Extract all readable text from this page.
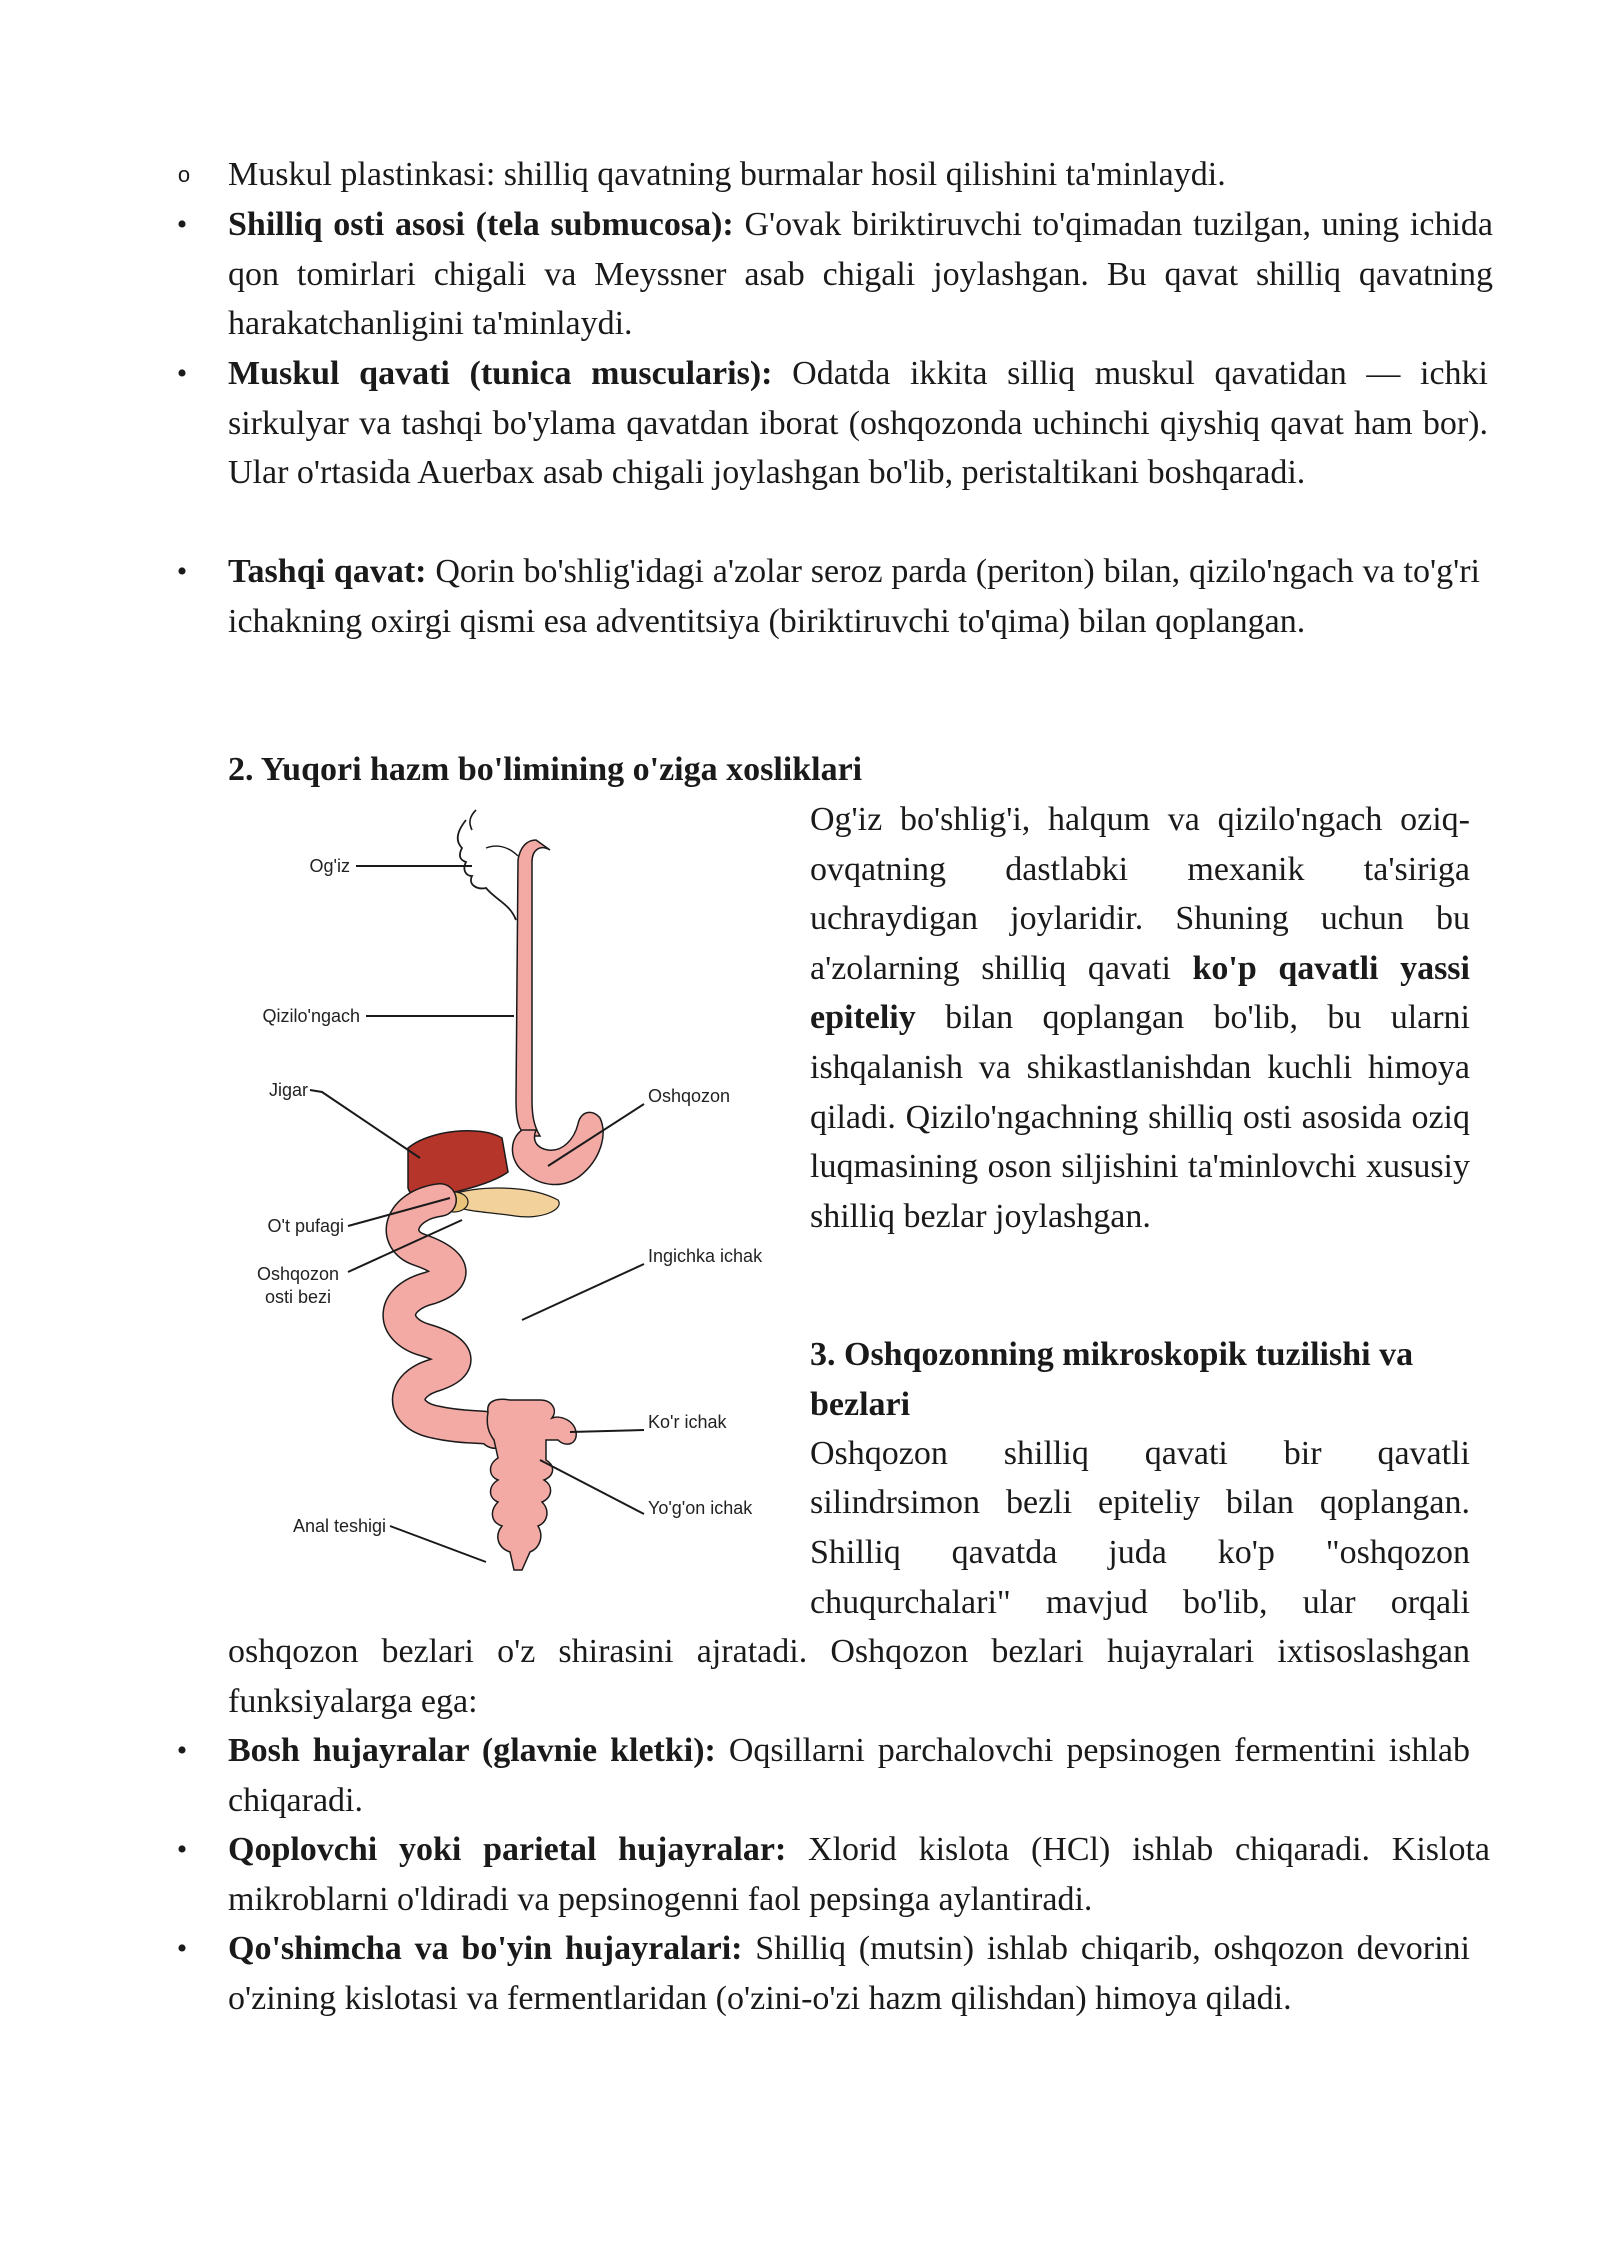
o Muskul plastinkasi: shilliq qavatning burmalar hosil qilishini ta'minlaydi.
• Shilliq osti asosi (tela submucosa): G'ovak biriktiruvchi to'qimadan tuzilgan, uning ichida qon tomirlari chigali va Meyssner asab chigali joylashgan. Bu qavat shilliq qavatning harakatchanligini ta'minlaydi.
• Muskul qavati (tunica muscularis): Odatda ikkita silliq muskul qavatidan — ichki sirkulyar va tashqi bo'ylama qavatdan iborat (oshqozonda uchinchi qiyshiq qavat ham bor). Ular o'rtasida Auerbax asab chigali joylashgan bo'lib, peristaltikani boshqaradi.
• Tashqi qavat: Qorin bo'shlig'idagi a'zolar seroz parda (periton) bilan, qizilo'ngach va to'g'ri ichakning oxirgi qismi esa adventitsiya (biriktiruvchi to'qima) bilan qoplangan.
2. Yuqori hazm bo'limining o'ziga xosliklari
Og'iz
Qizilo'ngach
Jigar
O't pufagi
Oshqozon
osti bezi
Anal teshigi
Oshqozon
Ingichka ichak
Ko'r ichak
Yo'g'on ichak
Og'iz bo'shlig'i, halqum va qizilo'ngach oziq-ovqatning dastlabki mexanik ta'siriga uchraydigan joylaridir. Shuning uchun bu a'zolarning shilliq qavati ko'p qavatli yassi epiteliy bilan qoplangan bo'lib, bu ularni ishqalanish va shikastlanishdan kuchli himoya qiladi. Qizilo'ngachning shilliq osti asosida oziq luqmasining oson siljishini ta'minlovchi xususiy shilliq bezlar joylashgan.
3. Oshqozonning mikroskopik tuzilishi va
bezlari
Oshqozon shilliq qavati bir qavatli
silindrsimon bezli epiteliy bilan qoplangan.
Shilliq qavatda juda ko'p "oshqozon
chuqurchalari" mavjud bo'lib, ular orqali
oshqozon bezlari o'z shirasini ajratadi. Oshqozon bezlari hujayralari ixtisoslashgan funksiyalarga ega:
• Bosh hujayralar (glavnie kletki): Oqsillarni parchalovchi pepsinogen fermentini ishlab chiqaradi.
• Qoplovchi yoki parietal hujayralar: Xlorid kislota (HCl) ishlab chiqaradi. Kislota mikroblarni o'ldiradi va pepsinogenni faol pepsinga aylantiradi.
• Qo'shimcha va bo'yin hujayralari: Shilliq (mutsin) ishlab chiqarib, oshqozon devorini o'zining kislotasi va fermentlaridan (o'zini-o'zi hazm qilishdan) himoya qiladi.
